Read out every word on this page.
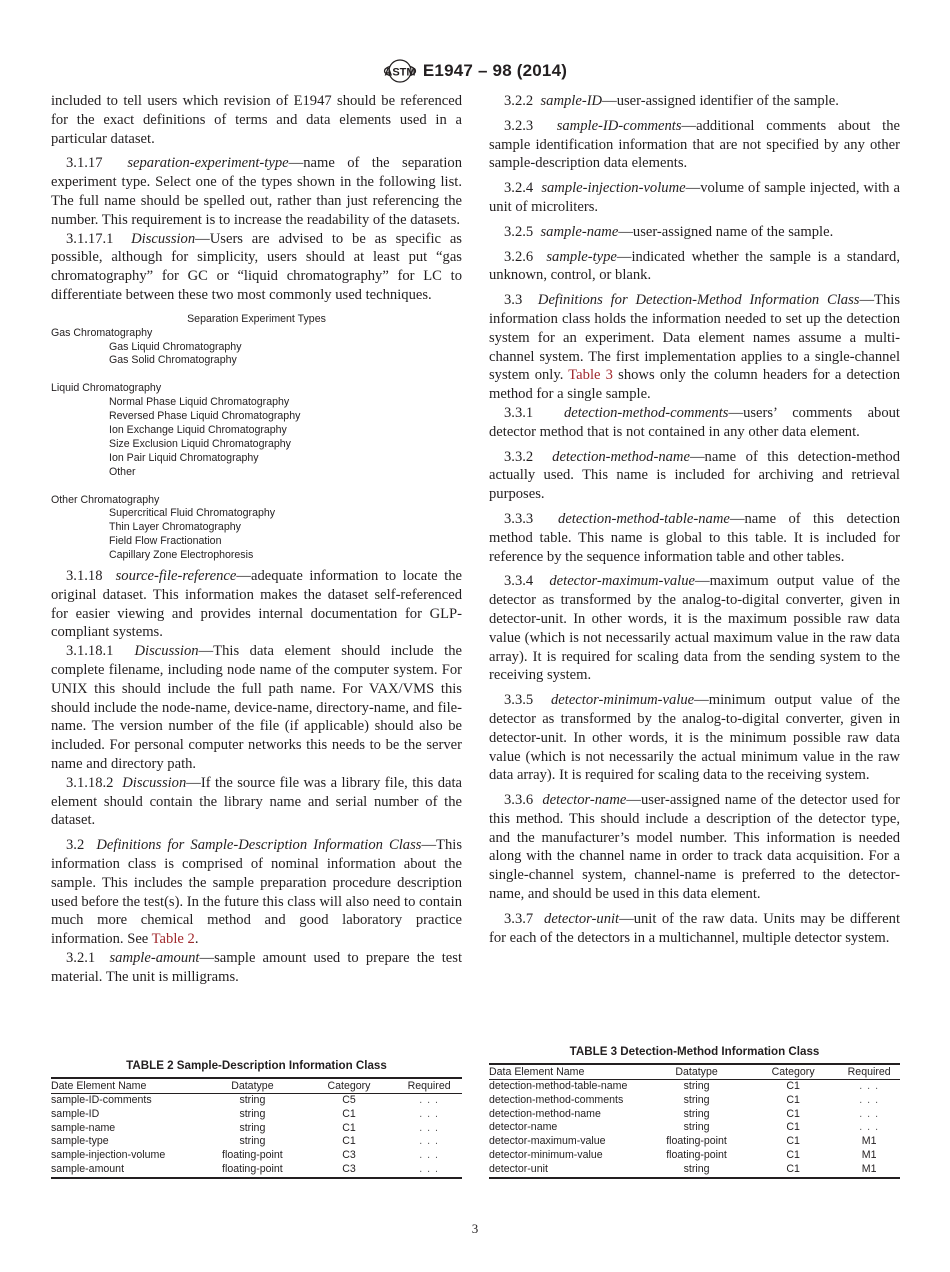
ASTM E1947 – 98 (2014)

included to tell users which revision of E1947 should be referenced for the exact definitions of terms and data elements used in a particular dataset.

3.1.17 separation-experiment-type—name of the separation experiment type. Select one of the types shown in the following list. The full name should be spelled out, rather than just referencing the number. This requirement is to increase the readability of the datasets.

3.1.17.1 Discussion—Users are advised to be as specific as possible, although for simplicity, users should at least put “gas chromatography” for GC or “liquid chromatography” for LC to differentiate between these two most commonly used techniques.

Separation Experiment Types
Gas Chromatography
Gas Liquid Chromatography
Gas Solid Chromatography
Liquid Chromatography
Normal Phase Liquid Chromatography
Reversed Phase Liquid Chromatography
Ion Exchange Liquid Chromatography
Size Exclusion Liquid Chromatography
Ion Pair Liquid Chromatography
Other
Other Chromatography
Supercritical Fluid Chromatography
Thin Layer Chromatography
Field Flow Fractionation
Capillary Zone Electrophoresis

3.1.18 source-file-reference—adequate information to locate the original dataset. This information makes the dataset self-referenced for easier viewing and provides internal documentation for GLP-compliant systems.

3.1.18.1 Discussion—This data element should include the complete filename, including node name of the computer system. For UNIX this should include the full path name. For VAX/VMS this should include the node-name, device-name, directory-name, and file-name. The version number of the file (if applicable) should also be included. For personal computer networks this needs to be the server name and directory path.

3.1.18.2 Discussion—If the source file was a library file, this data element should contain the library name and serial number of the dataset.

3.2 Definitions for Sample-Description Information Class—This information class is comprised of nominal information about the sample. This includes the sample preparation procedure description used before the test(s). In the future this class will also need to contain much more chemical method and good laboratory practice information. See Table 2.

3.2.1 sample-amount—sample amount used to prepare the test material. The unit is milligrams.

3.2.2 sample-ID—user-assigned identifier of the sample.

3.2.3 sample-ID-comments—additional comments about the sample identification information that are not specified by any other sample-description data elements.

3.2.4 sample-injection-volume—volume of sample injected, with a unit of microliters.

3.2.5 sample-name—user-assigned name of the sample.

3.2.6 sample-type—indicated whether the sample is a standard, unknown, control, or blank.

3.3 Definitions for Detection-Method Information Class—This information class holds the information needed to set up the detection system for an experiment. Data element names assume a multi-channel system. The first implementation applies to a single-channel system only. Table 3 shows only the column headers for a detection method for a single sample.

3.3.1 detection-method-comments—users’ comments about detector method that is not contained in any other data element.

3.3.2 detection-method-name—name of this detection-method actually used. This name is included for archiving and retrieval purposes.

3.3.3 detection-method-table-name—name of this detection method table. This name is global to this table. It is included for reference by the sequence information table and other tables.

3.3.4 detector-maximum-value—maximum output value of the detector as transformed by the analog-to-digital converter, given in detector-unit. In other words, it is the maximum possible raw data value (which is not necessarily actual maximum value in the raw data array). It is required for scaling data from the sending system to the receiving system.

3.3.5 detector-minimum-value—minimum output value of the detector as transformed by the analog-to-digital converter, given in detector-unit. In other words, it is the minimum possible raw data value (which is not necessarily the actual minimum value in the raw data array). It is required for scaling data to the receiving system.

3.3.6 detector-name—user-assigned name of the detector used for this method. This should include a description of the detector type, and the manufacturer’s model number. This information is needed along with the channel name in order to track data acquisition. For a single-channel system, channel-name is preferred to the detector-name, and should be used in this data element.

3.3.7 detector-unit—unit of the raw data. Units may be different for each of the detectors in a multichannel, multiple detector system.

TABLE 2 Sample-Description Information Class
Date Element Name	Datatype	Category	Required
sample-ID-comments	string	C5	. . .
sample-ID	string	C1	. . .
sample-name	string	C1	. . .
sample-type	string	C1	. . .
sample-injection-volume	floating-point	C3	. . .
sample-amount	floating-point	C3	. . .
TABLE 3 Detection-Method Information Class
Data Element Name	Datatype	Category	Required
detection-method-table-name	string	C1	. . .
detection-method-comments	string	C1	. . .
detection-method-name	string	C1	. . .
detector-name	string	C1	. . .
detector-maximum-value	floating-point	C1	M1
detector-minimum-value	floating-point	C1	M1
detector-unit	string	C1	M1
3
